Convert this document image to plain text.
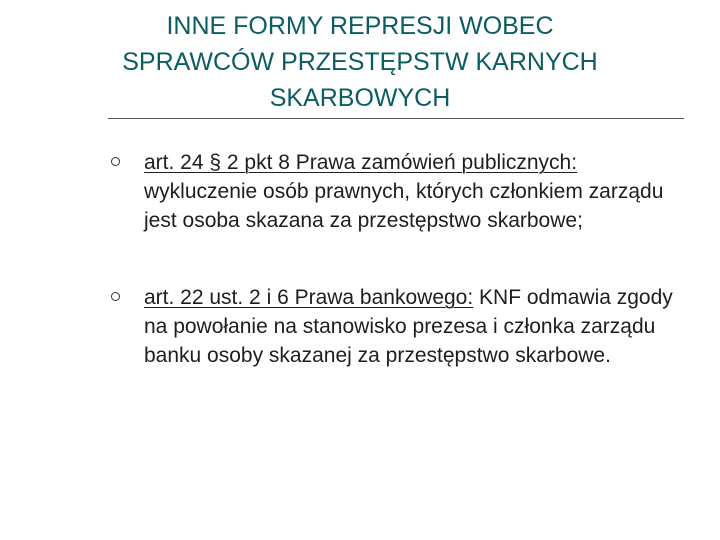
INNE FORMY REPRESJI WOBEC
SPRAWCÓW PRZESTĘPSTW KARNYCH
SKARBOWYCH
art. 24 § 2 pkt 8 Prawa zamówień publicznych:   wykluczenie osób prawnych, których członkiem zarządu jest osoba skazana za przestępstwo skarbowe;
art. 22 ust. 2 i 6 Prawa bankowego: KNF odmawia zgody na powołanie na stanowisko prezesa i członka zarządu banku osoby skazanej za przestępstwo skarbowe.
